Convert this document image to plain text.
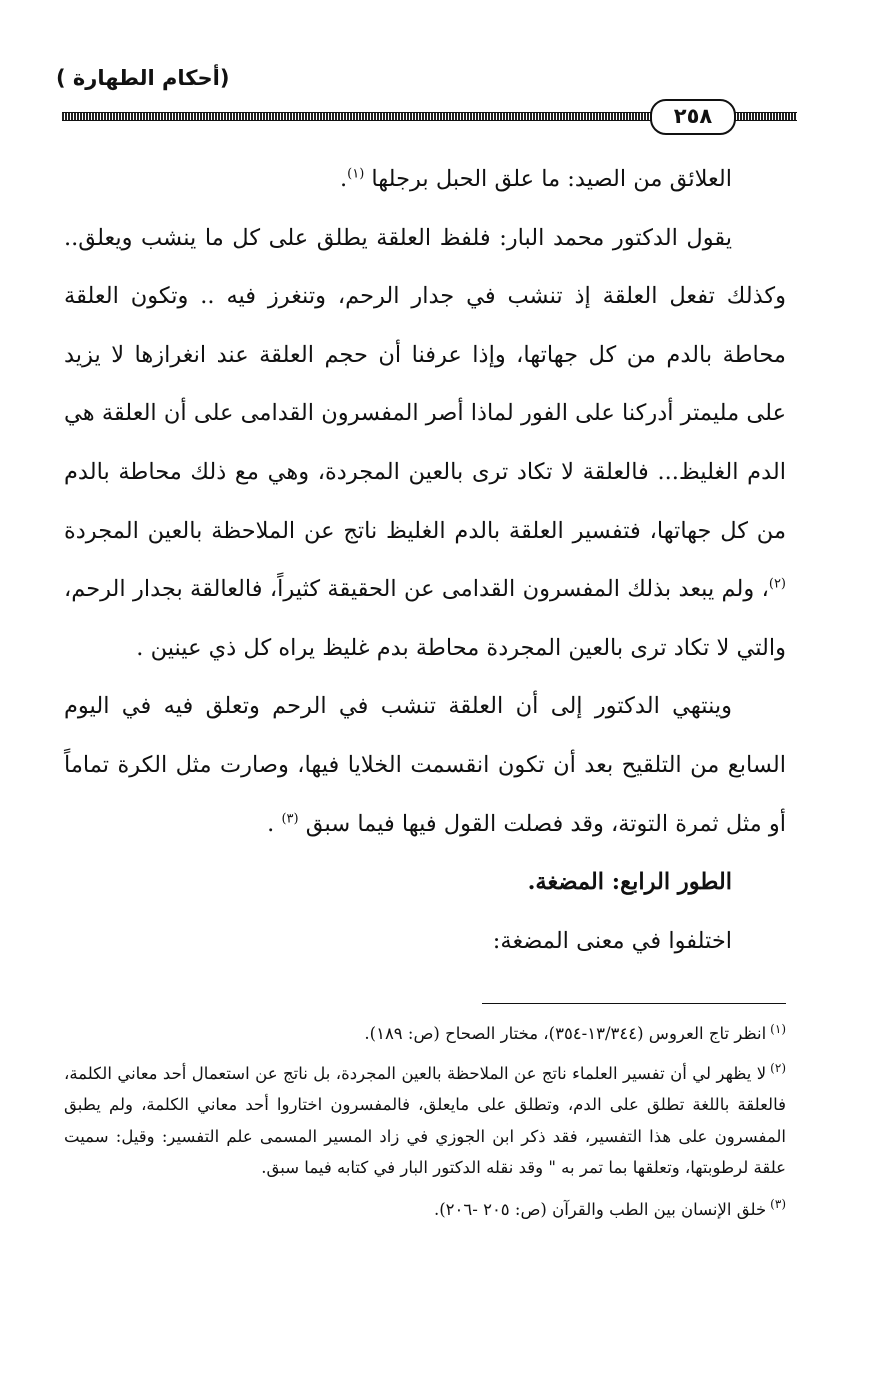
(أحكام الطهارة )
٢٥٨

العلائق من الصيد: ما علق الحبل برجلها $^{(١)}$.

يقول الدكتور محمد البار: فلفظ العلقة يطلق على كل ما ينشب ويعلق.. وكذلك تفعل العلقة إذ تنشب في جدار الرحم، وتنغرز فيه .. وتكون العلقة محاطة بالدم من كل جهاتها، وإذا عرفنا أن حجم العلقة عند انغرازها لا يزيد على مليمتر أدركنا على الفور لماذا أصر المفسرون القدامى على أن العلقة هي الدم الغليظ... فالعلقة لا تكاد ترى بالعين المجردة، وهي مع ذلك محاطة بالدم من كل جهاتها، فتفسير العلقة بالدم الغليظ ناتج عن الملاحظة بالعين المجردة $^{(٢)}$، ولم يبعد بذلك المفسرون القدامى عن الحقيقة كثيراً، فالعالقة بجدار الرحم، والتي لا تكاد ترى بالعين المجردة محاطة بدم غليظ يراه كل ذي عينين .

وينتهي الدكتور إلى أن العلقة تنشب في الرحم وتعلق فيه في اليوم السابع من التلقيح بعد أن تكون انقسمت الخلايا فيها، وصارت مثل الكرة تماماً أو مثل ثمرة التوتة، وقد فصلت القول فيها فيما سبق $^{(٣)}$ .

الطور الرابع: المضغة.

اختلفوا في معنى المضغة:

$^{(١)}$انظر تاج العروس (١٣/٣٤٤-٣٥٤)، مختار الصحاح (ص: ١٨٩).

$^{(٢)}$لا يظهر لي أن تفسير العلماء ناتج عن الملاحظة بالعين المجردة، بل ناتج عن استعمال أحد معاني الكلمة، فالعلقة باللغة تطلق على الدم، وتطلق على مايعلق، فالمفسرون اختاروا أحد معاني الكلمة، ولم يطبق المفسرون على هذا التفسير، فقد ذكر ابن الجوزي في زاد المسير المسمى علم التفسير: وقيل: سميت علقة لرطوبتها، وتعلقها بما تمر به " وقد نقله الدكتور البار في كتابه فيما سبق.

$^{(٣)}$خلق الإنسان بين الطب والقرآن (ص: ٢٠٥ -٢٠٦).
